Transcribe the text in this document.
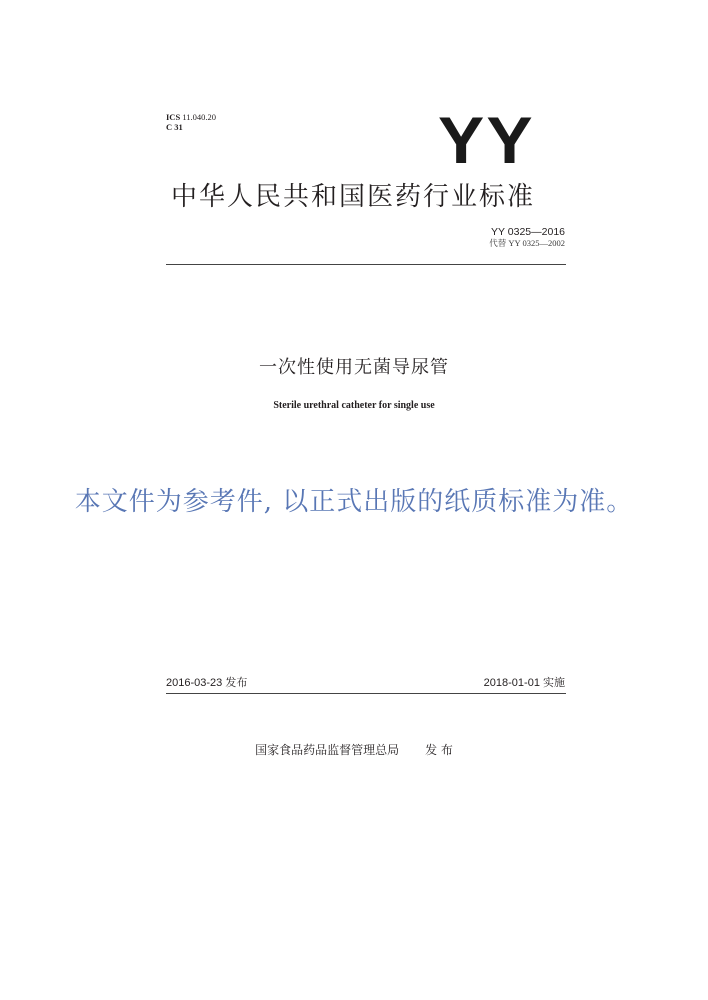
ICS 11.040.20
C 31	YY
中华人民共和国医药行业标准
YY 0325—2016
代替 YY 0325—2002
一次性使用无菌导尿管
Sterile urethral catheter for single use
本文件为参考件, 以正式出版的纸质标准为准。
2016-03-23 发布	2018-01-01 实施
国家食品药品监督管理总局 发 布
